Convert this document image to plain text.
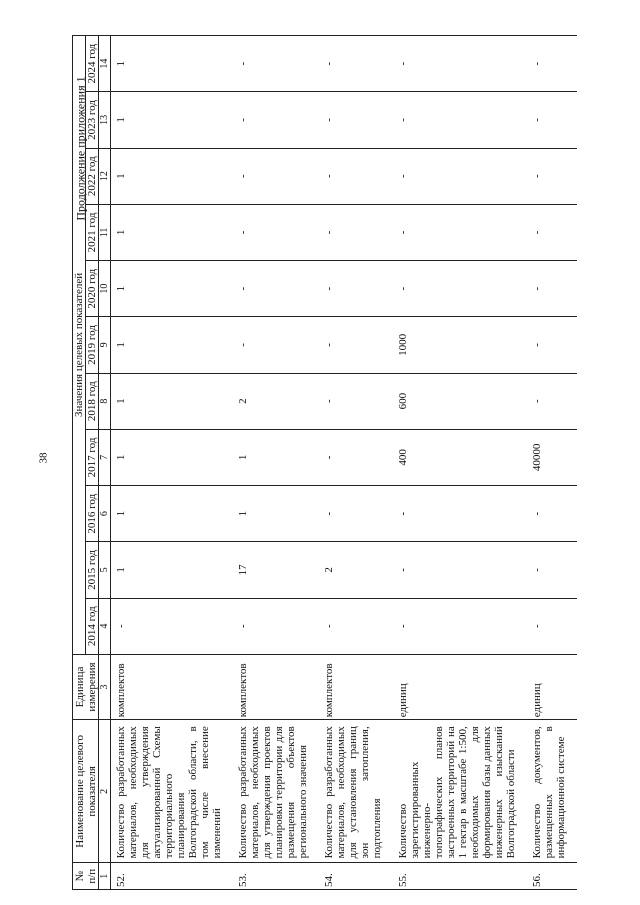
38
Продолжение приложения 1
№
п/п	Наименование целевого показателя	Единица измерения	Значения целевых показателей										
			2014 год	2015 год	2016 год	2017 год	2018 год	2019 год	2020 год	2021 год	2022 год	2023 год	2024 год
1	2	3	4	5	6	7	8	9	10	11	12	13	14
52.	Количество разработанных материалов, необходимых для утверждения актуализированной Схемы территориального планирования Волгоградской области, в том числе внесение изменений	комплектов	-	1	1	1	1	1	1	1	1	1	1
53.	Количество разработанных материалов, необходимых для утверждения проектов планировки территории для размещения объектов регионального значения	комплектов	-	17	1	1	2	-	-	-	-	-	-
54.	Количество разработанных материалов, необходимых для установления границ зон затопления, подтопления	комплектов	-	2	-	-	-	-	-	-	-	-	-
55.	Количество зарегистрированных инженерно-топографических планов застроенных территорий на 1 гектар в масштабе 1:500, необходимых для формирования базы данных инженерных изысканий Волгоградской области	единиц	-	-	-	400	600	1000	-	-	-	-	-
56.	Количество документов, размещенных в информационной системе	единиц	-	-	-	40000	-	-	-	-	-	-	-
